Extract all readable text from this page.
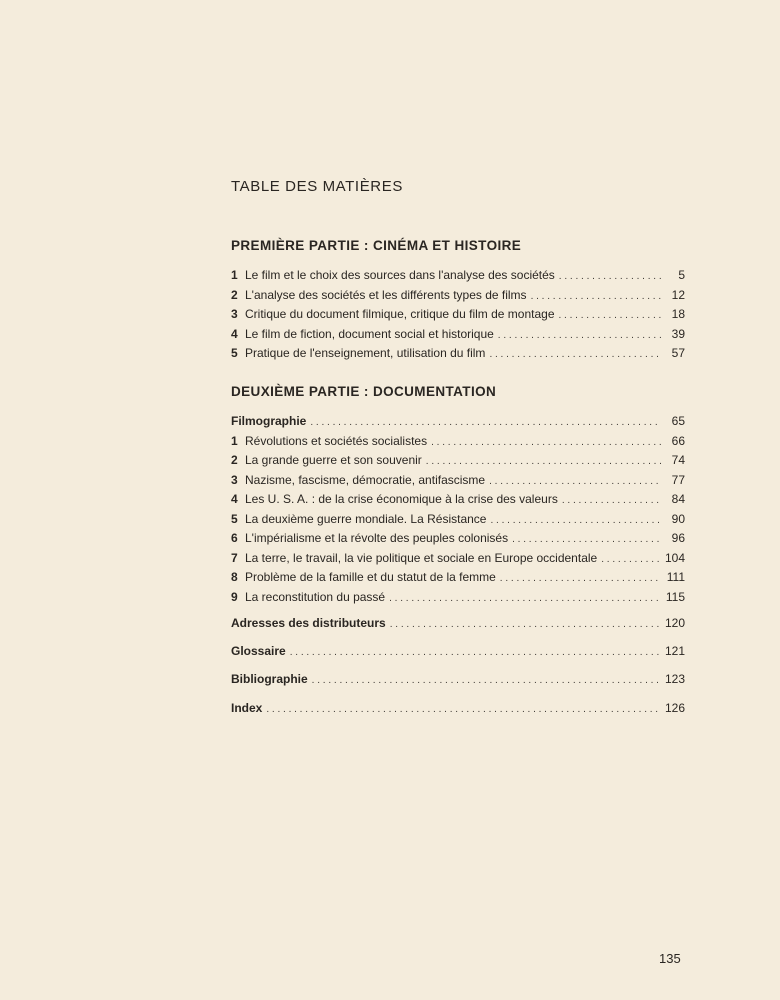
TABLE DES MATIÈRES
PREMIÈRE PARTIE : CINÉMA ET HISTOIRE
1 Le film et le choix des sources dans l'analyse des sociétés . . .	5
2 L'analyse des sociétés et les différents types de films . . .	12
3 Critique du document filmique, critique du film de montage . . .	18
4 Le film de fiction, document social et historique . . .	39
5 Pratique de l'enseignement, utilisation du film . . .	57
DEUXIÈME PARTIE : DOCUMENTATION
Filmographie . . .	65
1 Révolutions et sociétés socialistes . . .	66
2 La grande guerre et son souvenir . . .	74
3 Nazisme, fascisme, démocratie, antifascisme . . .	77
4 Les U. S. A. : de la crise économique à la crise des valeurs . . .	84
5 La deuxième guerre mondiale. La Résistance . . .	90
6 L'impérialisme et la révolte des peuples colonisés . . .	96
7 La terre, le travail, la vie politique et sociale en Europe occidentale . . .	104
8 Problème de la famille et du statut de la femme . . .	111
9 La reconstitution du passé . . .	115
Adresses des distributeurs . . .	120
Glossaire . . .	121
Bibliographie . . .	123
Index . . .	126
135
